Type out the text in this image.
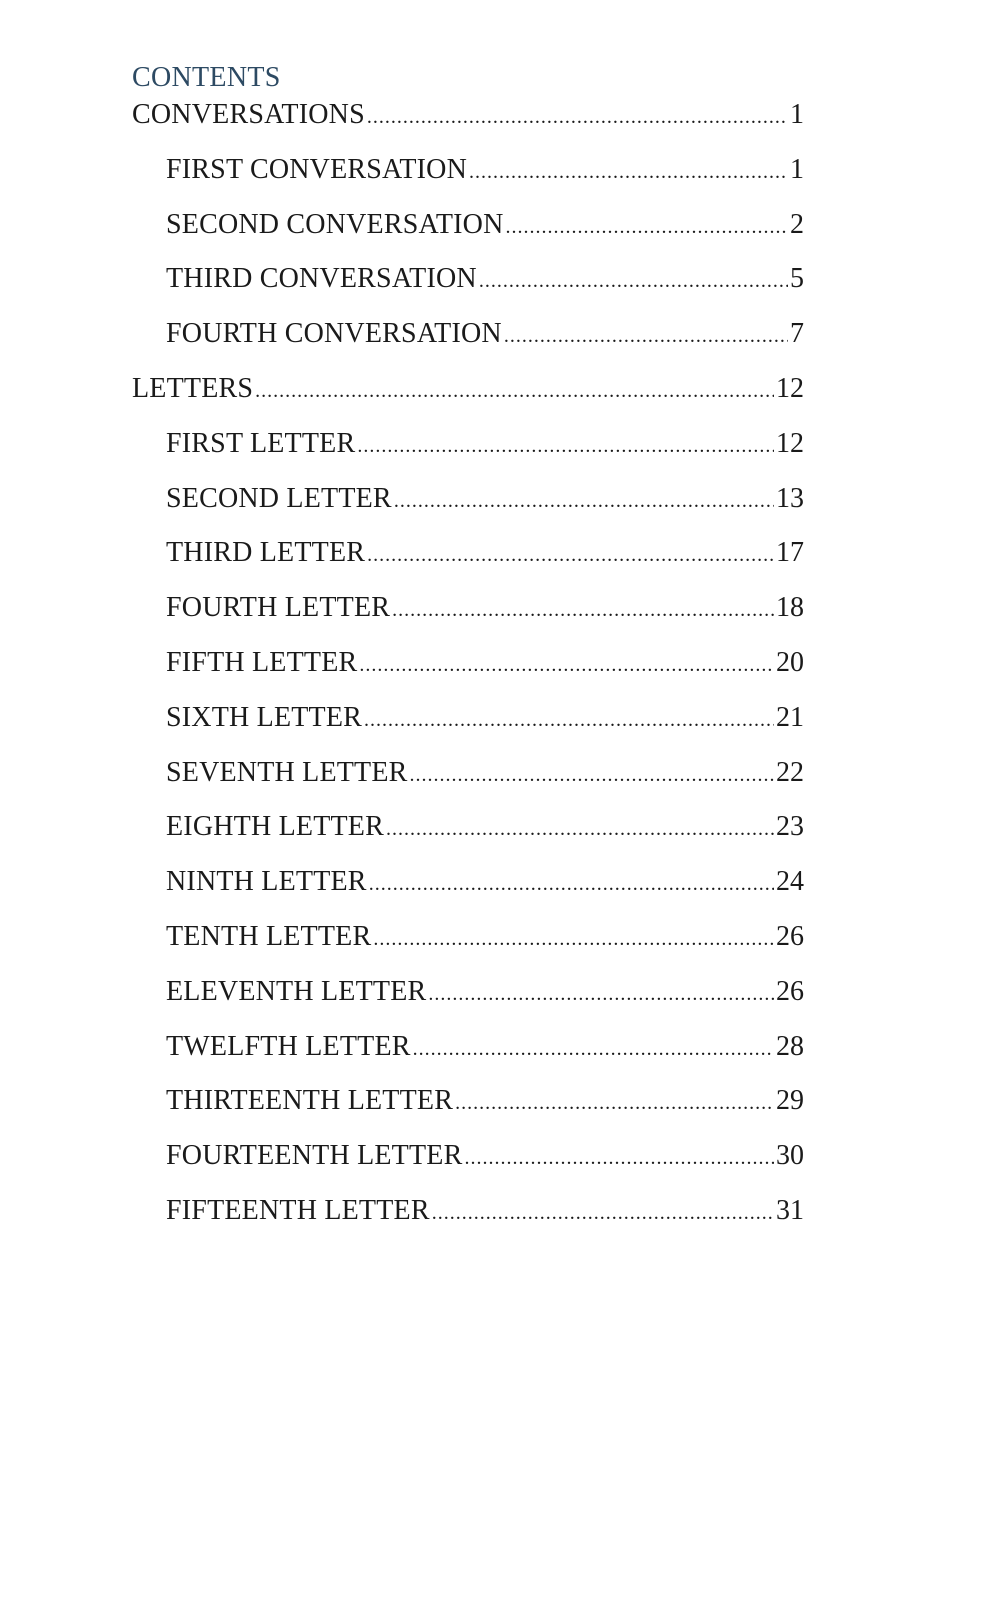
CONTENTS
CONVERSATIONS .....	1
FIRST CONVERSATION .....	1
SECOND CONVERSATION .....	2
THIRD CONVERSATION .....	5
FOURTH CONVERSATION .....	7
LETTERS .....	12
FIRST LETTER .....	12
SECOND LETTER .....	13
THIRD LETTER .....	17
FOURTH LETTER .....	18
FIFTH LETTER .....	20
SIXTH LETTER .....	21
SEVENTH LETTER .....	22
EIGHTH LETTER .....	23
NINTH LETTER .....	24
TENTH LETTER .....	26
ELEVENTH LETTER .....	26
TWELFTH LETTER .....	28
THIRTEENTH LETTER .....	29
FOURTEENTH LETTER .....	30
FIFTEENTH LETTER .....	31
